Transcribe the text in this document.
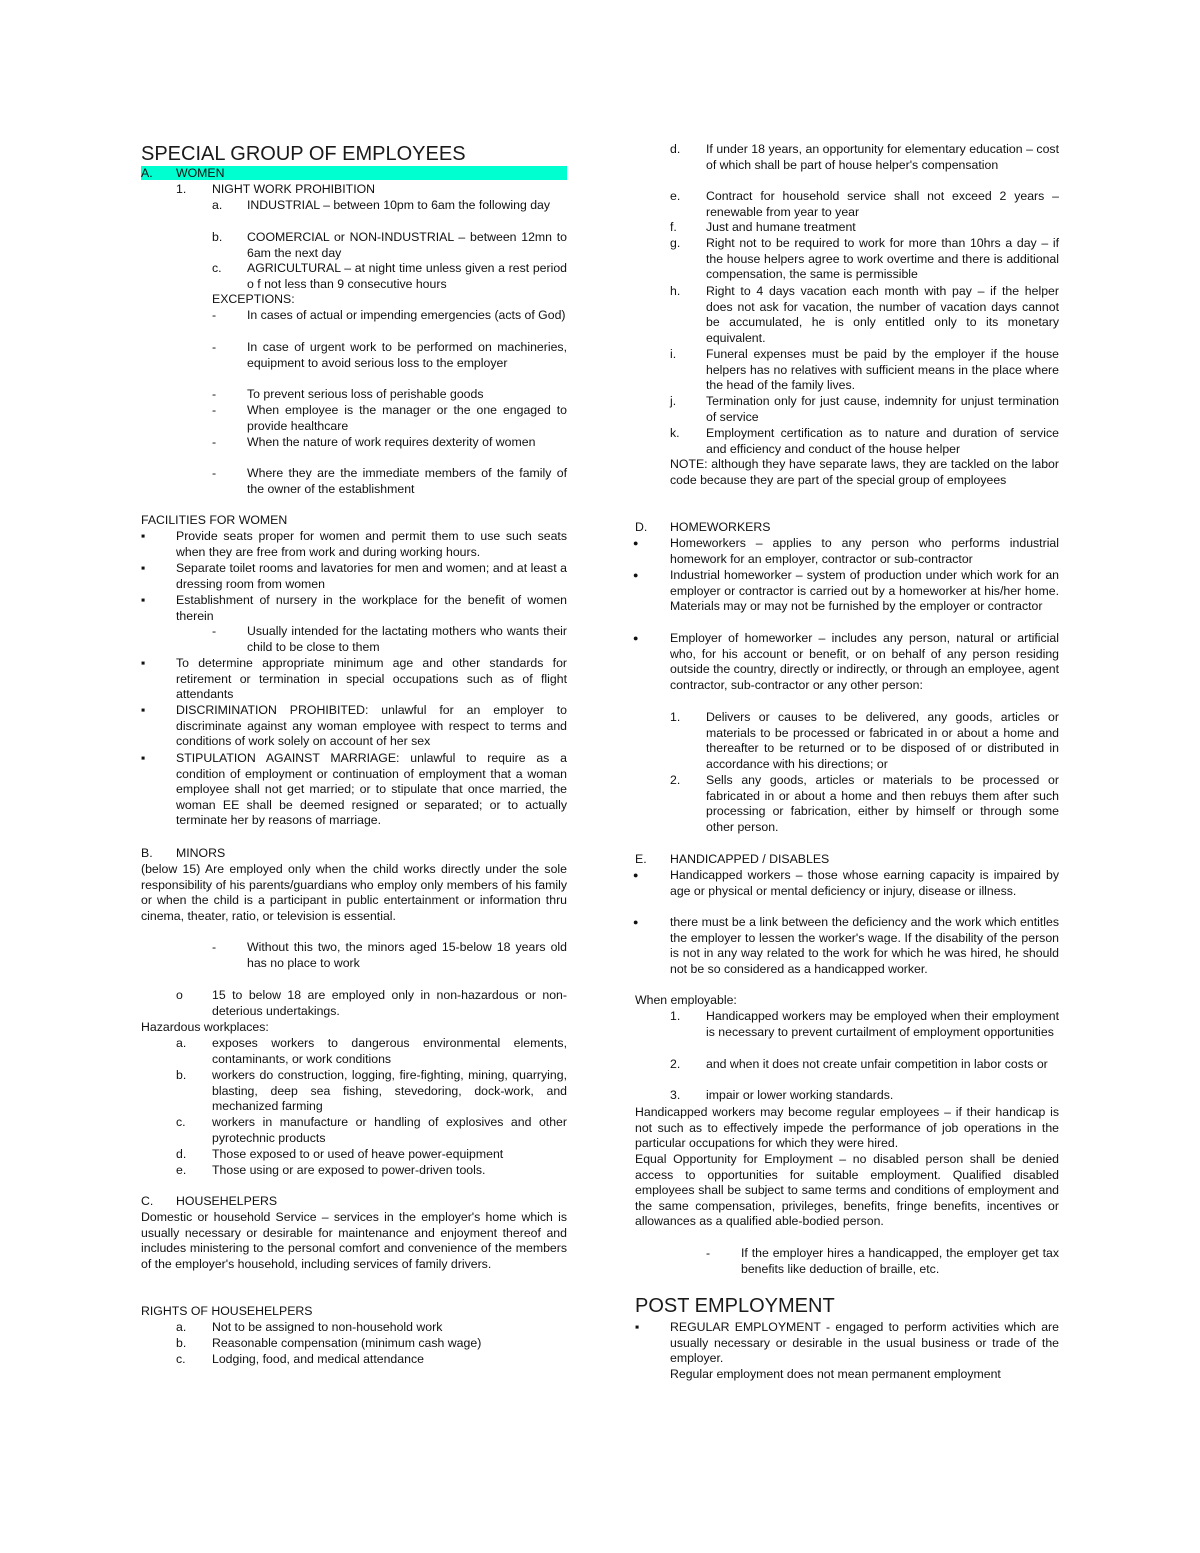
SPECIAL GROUP OF EMPLOYEES
A. WOMEN
1. NIGHT WORK PROHIBITION
a. INDUSTRIAL – between 10pm to 6am the following day
b. COOMERCIAL or NON-INDUSTRIAL – between 12mn to 6am the next day
c. AGRICULTURAL – at night time unless given a rest period o f not less than 9 consecutive hours
EXCEPTIONS:
-	In cases of actual or impending emergencies (acts of God)
-	In case of urgent work to be performed on machineries, equipment to avoid serious loss to the employer
-	To prevent serious loss of perishable goods
-	When employee is the manager or the one engaged to provide healthcare
-	When the nature of work requires dexterity of women
-	Where they are the immediate members of the family of the owner of the establishment
FACILITIES FOR WOMEN
▪ Provide seats proper for women and permit them to use such seats when they are free from work and during working hours.
▪ Separate toilet rooms and lavatories for men and women; and at least a dressing room from women
▪ Establishment of nursery in the workplace for the benefit of women therein
-	Usually intended for the lactating mothers who wants their child to be close to them
▪ To determine appropriate minimum age and other standards for retirement or termination in special occupations such as of flight attendants
▪ DISCRIMINATION PROHIBITED: unlawful for an employer to discriminate against any woman employee with respect to terms and conditions of work solely on account of her sex
▪ STIPULATION AGAINST MARRIAGE: unlawful to require as a condition of employment or continuation of employment that a woman employee shall not get married; or to stipulate that once married, the woman EE shall be deemed resigned or separated; or to actually terminate her by reasons of marriage.
B. MINORS
(below 15) Are employed only when the child works directly under the sole responsibility of his parents/guardians who employ only members of his family or when the child is a participant in public entertainment or information thru cinema, theater, ratio, or television is essential.
-	Without this two, the minors aged 15-below 18 years old has no place to work
o 15 to below 18 are employed only in non-hazardous or non-deterious undertakings.
Hazardous workplaces:
a. exposes workers to dangerous environmental elements, contaminants, or work conditions
b. workers do construction, logging, fire-fighting, mining, quarrying, blasting, deep sea fishing, stevedoring, dock-work, and mechanized farming
c. workers in manufacture or handling of explosives and other pyrotechnic products
d. Those exposed to or used of heave power-equipment
e. Those using or are exposed to power-driven tools.
C. HOUSEHELPERS
Domestic or household Service – services in the employer's home which is usually necessary or desirable for maintenance and enjoyment thereof and includes ministering to the personal comfort and convenience of the members of the employer's household, including services of family drivers.
RIGHTS OF HOUSEHELPERS
a. Not to be assigned to non-household work
b. Reasonable compensation (minimum cash wage)
c. Lodging, food, and medical attendance
d. If under 18 years, an opportunity for elementary education – cost of which shall be part of house helper's compensation
e. Contract for household service shall not exceed 2 years – renewable from year to year
f. Just and humane treatment
g. Right not to be required to work for more than 10hrs a day – if the house helpers agree to work overtime and there is additional compensation, the same is permissible
h. Right to 4 days vacation each month with pay – if the helper does not ask for vacation, the number of vacation days cannot be accumulated, he is only entitled only to its monetary equivalent.
i. Funeral expenses must be paid by the employer if the house helpers has no relatives with sufficient means in the place where the head of the family lives.
j. Termination only for just cause, indemnity for unjust termination of service
k. Employment certification as to nature and duration of service and efficiency and conduct of the house helper
NOTE: although they have separate laws, they are tackled on the labor code because they are part of the special group of employees
D. HOMEWORKERS
●	Homeworkers – applies to any person who performs industrial homework for an employer, contractor or sub-contractor
●	Industrial homeworker – system of production under which work for an employer or contractor is carried out by a homeworker at his/her home. Materials may or may not be furnished by the employer or contractor
●	Employer of homeworker – includes any person, natural or artificial who, for his account or benefit, or on behalf of any person residing outside the country, directly or indirectly, or through an employee, agent contractor, sub-contractor or any other person:
1. Delivers or causes to be delivered, any goods, articles or materials to be processed or fabricated in or about a home and thereafter to be returned or to be disposed of or distributed in accordance with his directions; or
2. Sells any goods, articles or materials to be processed or fabricated in or about a home and then rebuys them after such processing or fabrication, either by himself or through some other person.
E. HANDICAPPED / DISABLES
●	Handicapped workers – those whose earning capacity is impaired by age or physical or mental deficiency or injury, disease or illness.
●	there must be a link between the deficiency and the work which entitles the employer to lessen the worker's wage. If the disability of the person is not in any way related to the work for which he was hired, he should not be so considered as a handicapped worker.
When employable:
1. Handicapped workers may be employed when their employment is necessary to prevent curtailment of employment opportunities
2. and when it does not create unfair competition in labor costs or
3. impair or lower working standards.
Handicapped workers may become regular employees – if their handicap is not such as to effectively impede the performance of job operations in the particular occupations for which they were hired.
Equal Opportunity for Employment – no disabled person shall be denied access to opportunities for suitable employment. Qualified disabled employees shall be subject to same terms and conditions of employment and the same compensation, privileges, benefits, fringe benefits, incentives or allowances as a qualified able-bodied person.
-	If the employer hires a handicapped, the employer get tax benefits like deduction of braille, etc.
POST EMPLOYMENT
▪ REGULAR EMPLOYMENT - engaged to perform activities which are usually necessary or desirable in the usual business or trade of the employer.
Regular employment does not mean permanent employment
